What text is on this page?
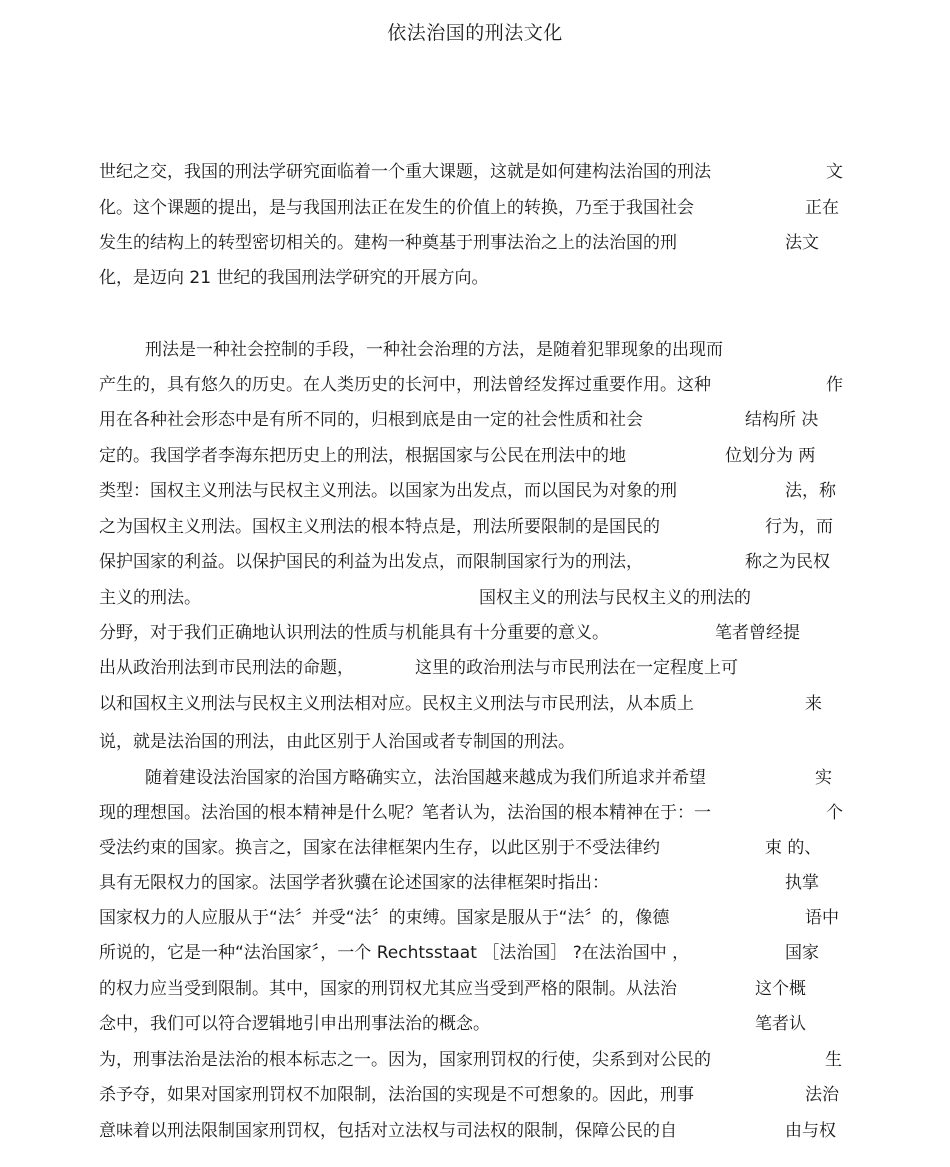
依法治国的刑法文化
世纪之交，我国的刑法学研究面临着一个重大课题，这就是如何建构法治国的刑法	文
化。这个课题的提出，是与我国刑法正在发生的价值上的转换，乃至于我国社会	正在
发生的结构上的转型密切相关的。建构一种奠基于刑事法治之上的法治国的刑	法文
化，是迈向 21 世纪的我国刑法学研究的开展方向。
刑法是一种社会控制的手段，一种社会治理的方法，是随着犯罪现象的出现而
产生的，具有悠久的历史。在人类历史的长河中，刑法曾经发挥过重要作用。这种	作
用在各种社会形态中是有所不同的，归根到底是由一定的社会性质和社会	结构所 决
定的。我国学者李海东把历史上的刑法，根据国家与公民在刑法中的地	位划分为 两
类型：国权主义刑法与民权主义刑法。以国家为出发点，而以国民为对象的刑	法，称
之为国权主义刑法。国权主义刑法的根本特点是，刑法所要限制的是国民的	行为，而
保护国家的利益。以保护国民的利益为出发点，而限制国家行为的刑法，	称之为民权
主义的刑法。	国权主义的刑法与民权主义的刑法的
分野，对于我们正确地认识刑法的性质与机能具有十分重要的意义。	笔者曾经提
出从政治刑法到市民刑法的命题，	这里的政治刑法与市民刑法在一定程度上可
以和国权主义刑法与民权主义刑法相对应。民权主义刑法与市民刑法，从本质上	来
说，就是法治国的刑法，由此区别于人治国或者专制国的刑法。
随着建设法治国家的治国方略确实立，法治国越来越成为我们所追求并希望	实
现的理想国。法治国的根本精神是什么呢？笔者认为，法治国的根本精神在于：一	个
受法约束的国家。换言之，国家在法律框架内生存，以此区别于不受法律约	束 的、
具有无限权力的国家。法国学者狄骥在论述国家的法律框架时指出：	执掌
国家权力的人应服从于“法〞并受“法〞的束缚。国家是服从于“法〞的，像德	语中
所说的，它是一种“法治国家〞，一个 Rechtsstaat ［法治国］ ?在法治国中 ，	国家
的权力应当受到限制。其中，国家的刑罚权尤其应当受到严格的限制。从法治	这个概
念中，我们可以符合逻辑地引申出刑事法治的概念。	笔者认
为，刑事法治是法治的根本标志之一。因为，国家刑罚权的行使，尖系到对公民的	生
杀予夺，如果对国家刑罚权不加限制，法治国的实现是不可想象的。因此，刑事	法治
意味着以刑法限制国家刑罚权，包括对立法权与司法权的限制，保障公民的自	由与权
